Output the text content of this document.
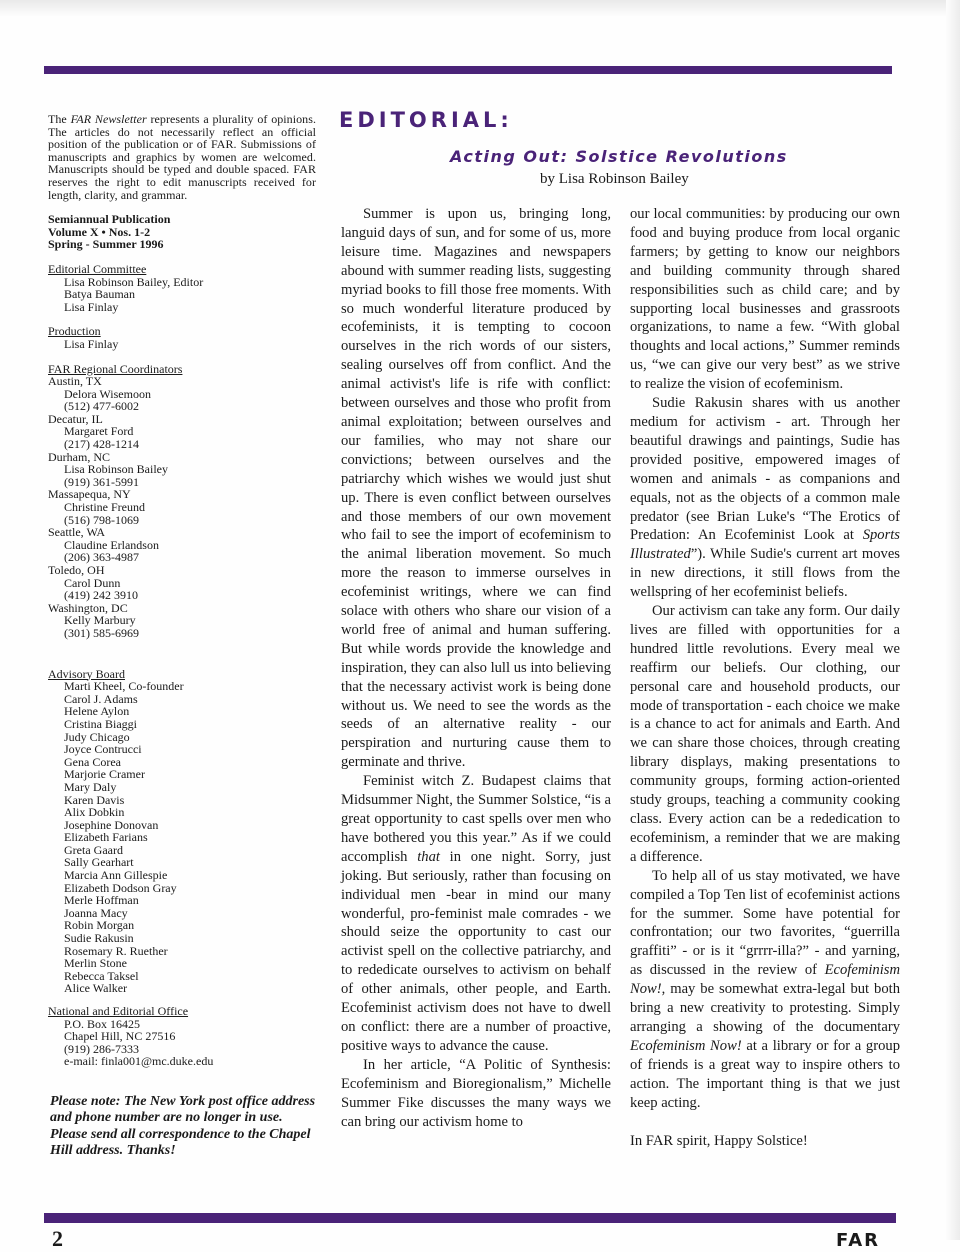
The FAR Newsletter represents a plurality of opinions. The articles do not necessarily reflect an official position of the publication or of FAR. Submissions of manuscripts and graphics by women are welcomed. Manuscripts should be typed and double spaced. FAR reserves the right to edit manuscripts received for length, clarity, and grammar.

Semiannual Publication
Volume X • Nos. 1-2
Spring - Summer 1996
Editorial Committee
Lisa Robinson Bailey, Editor
Batya Bauman
Lisa Finlay
Production
Lisa Finlay
FAR Regional Coordinators
Austin, TX
Delora Wisemoon
(512) 477-6002
Decatur, IL
Margaret Ford
(217) 428-1214
Durham, NC
Lisa Robinson Bailey
(919) 361-5991
Massapequa, NY
Christine Freund
(516) 798-1069
Seattle, WA
Claudine Erlandson
(206) 363-4987
Toledo, OH
Carol Dunn
(419) 242 3910
Washington, DC
Kelly Marbury
(301) 585-6969
Advisory Board
Marti Kheel, Co-founder
Carol J. Adams
Helene Aylon
Cristina Biaggi
Judy Chicago
Joyce Contrucci
Gena Corea
Marjorie Cramer
Mary Daly
Karen Davis
Alix Dobkin
Josephine Donovan
Elizabeth Farians
Greta Gaard
Sally Gearhart
Marcia Ann Gillespie
Elizabeth Dodson Gray
Merle Hoffman
Joanna Macy
Robin Morgan
Sudie Rakusin
Rosemary R. Ruether
Merlin Stone
Rebecca Taksel
Alice Walker
National and Editorial Office
P.O. Box 16425
Chapel Hill, NC 27516
(919) 286-7333
e-mail: finla001@mc.duke.edu

Please note: The New York post office address and phone number are no longer in use. Please send all correspondence to the Chapel Hill address. Thanks!

EDITORIAL:
Acting Out: Solstice Revolutions
by Lisa Robinson Bailey

Summer is upon us, bringing long, languid days of sun, and for some of us, more leisure time. Magazines and newspapers abound with summer reading lists, suggesting myriad books to fill those free moments. With so much wonderful literature produced by ecofeminists, it is tempting to cocoon ourselves in the rich words of our sisters, sealing ourselves off from conflict. And the animal activist's life is rife with conflict: between ourselves and those who profit from animal exploitation; between ourselves and our families, who may not share our convictions; between ourselves and the patriarchy which wishes we would just shut up. There is even conflict between ourselves and those members of our own movement who fail to see the import of ecofeminism to the animal liberation movement. So much more the reason to immerse ourselves in ecofeminist writings, where we can find solace with others who share our vision of a world free of animal and human suffering. But while words provide the knowledge and inspiration, they can also lull us into believing that the necessary activist work is being done without us. We need to see the words as the seeds of an alternative reality - our perspiration and nurturing cause them to germinate and thrive.

Feminist witch Z. Budapest claims that Midsummer Night, the Summer Solstice, “is a great opportunity to cast spells over men who have bothered you this year.” As if we could accomplish that in one night. Sorry, just joking. But seriously, rather than focusing on individual men -bear in mind our many wonderful, pro-feminist male comrades - we should seize the opportunity to cast our activist spell on the collective patriarchy, and to rededicate ourselves to activism on behalf of other animals, other people, and Earth. Ecofeminist activism does not have to dwell on conflict: there are a number of proactive, positive ways to advance the cause.

In her article, “A Politic of Synthesis: Ecofeminism and Bioregionalism,” Michelle Summer Fike discusses the many ways we can bring our activism home to

our local communities: by producing our own food and buying produce from local organic farmers; by getting to know our neighbors and building community through shared responsibilities such as child care; and by supporting local businesses and grassroots organizations, to name a few. “With global thoughts and local actions,” Summer reminds us, “we can give our very best” as we strive to realize the vision of ecofeminism.

Sudie Rakusin shares with us another medium for activism - art. Through her beautiful drawings and paintings, Sudie has provided positive, empowered images of women and animals - as companions and equals, not as the objects of a common male predator (see Brian Luke's “The Erotics of Predation: An Ecofeminist Look at Sports Illustrated”). While Sudie's current art moves in new directions, it still flows from the wellspring of her ecofeminist beliefs.

Our activism can take any form. Our daily lives are filled with opportunities for a hundred little revolutions. Every meal we reaffirm our beliefs. Our clothing, our personal care and household products, our mode of transportation - each choice we make is a chance to act for animals and Earth. And we can share those choices, through creating library displays, making presentations to community groups, forming action-oriented study groups, teaching a community cooking class. Every action can be a rededication to ecofeminism, a reminder that we are making a difference.

To help all of us stay motivated, we have compiled a Top Ten list of ecofeminist actions for the summer. Some have potential for confrontation; our two favorites, “guerrilla graffiti” - or is it “grrrr-illa?” - and yarning, as discussed in the review of Ecofeminism Now!, may be somewhat extra-legal but both bring a new creativity to protesting. Simply arranging a showing of the documentary Ecofeminism Now! at a library or for a group of friends is a great way to inspire others to action. The important thing is that we just keep acting.

In FAR spirit, Happy Solstice!

2	FAR
